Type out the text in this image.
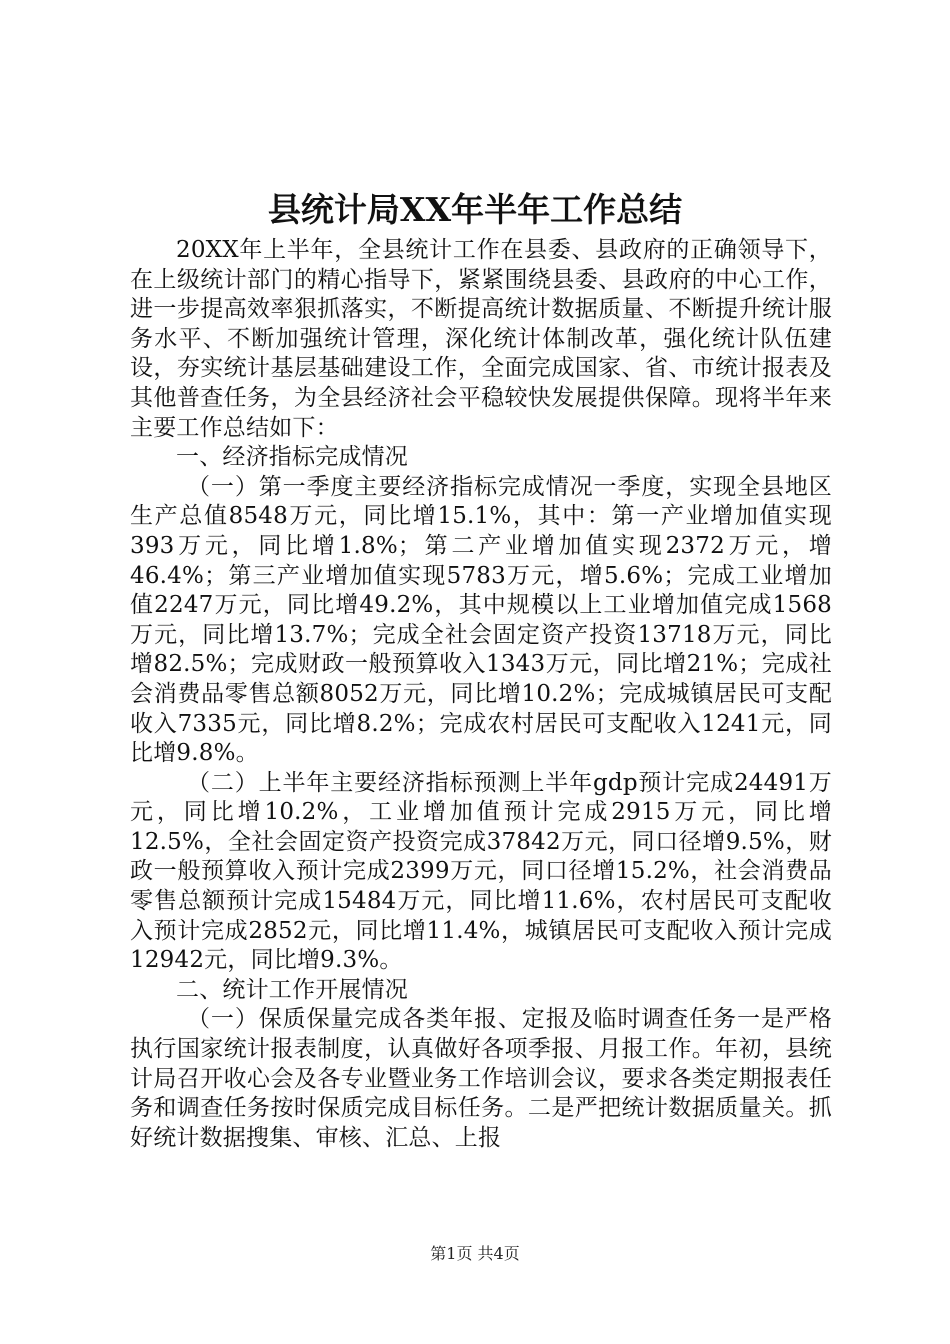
县统计局XX年半年工作总结

20XX年上半年，全县统计工作在县委、县政府的正确领导下，在上级统计部门的精心指导下，紧紧围绕县委、县政府的中心工作，进一步提高效率狠抓落实，不断提高统计数据质量、不断提升统计服务水平、不断加强统计管理，深化统计体制改革，强化统计队伍建设，夯实统计基层基础建设工作，全面完成国家、省、市统计报表及其他普查任务，为全县经济社会平稳较快发展提供保障。现将半年来主要工作总结如下：

一、经济指标完成情况

（一）第一季度主要经济指标完成情况一季度，实现全县地区生产总值8548万元，同比增15.1%，其中：第一产业增加值实现393万元，同比增1.8%；第二产业增加值实现2372万元，增46.4%；第三产业增加值实现5783万元，增5.6%；完成工业增加值2247万元，同比增49.2%，其中规模以上工业增加值完成1568万元，同比增13.7%；完成全社会固定资产投资13718万元，同比增82.5%；完成财政一般预算收入1343万元，同比增21%；完成社会消费品零售总额8052万元，同比增10.2%；完成城镇居民可支配收入7335元，同比增8.2%；完成农村居民可支配收入1241元，同比增9.8%。

（二）上半年主要经济指标预测上半年gdp预计完成24491万元，同比增10.2%，工业增加值预计完成2915万元，同比增12.5%，全社会固定资产投资完成37842万元，同口径增9.5%，财政一般预算收入预计完成2399万元，同口径增15.2%，社会消费品零售总额预计完成15484万元，同比增11.6%，农村居民可支配收入预计完成2852元，同比增11.4%，城镇居民可支配收入预计完成12942元，同比增9.3%。

二、统计工作开展情况

（一）保质保量完成各类年报、定报及临时调查任务一是严格执行国家统计报表制度，认真做好各项季报、月报工作。年初，县统计局召开收心会及各专业暨业务工作培训会议，要求各类定期报表任务和调查任务按时保质完成目标任务。二是严把统计数据质量关。抓好统计数据搜集、审核、汇总、上报

第1页 共4页
